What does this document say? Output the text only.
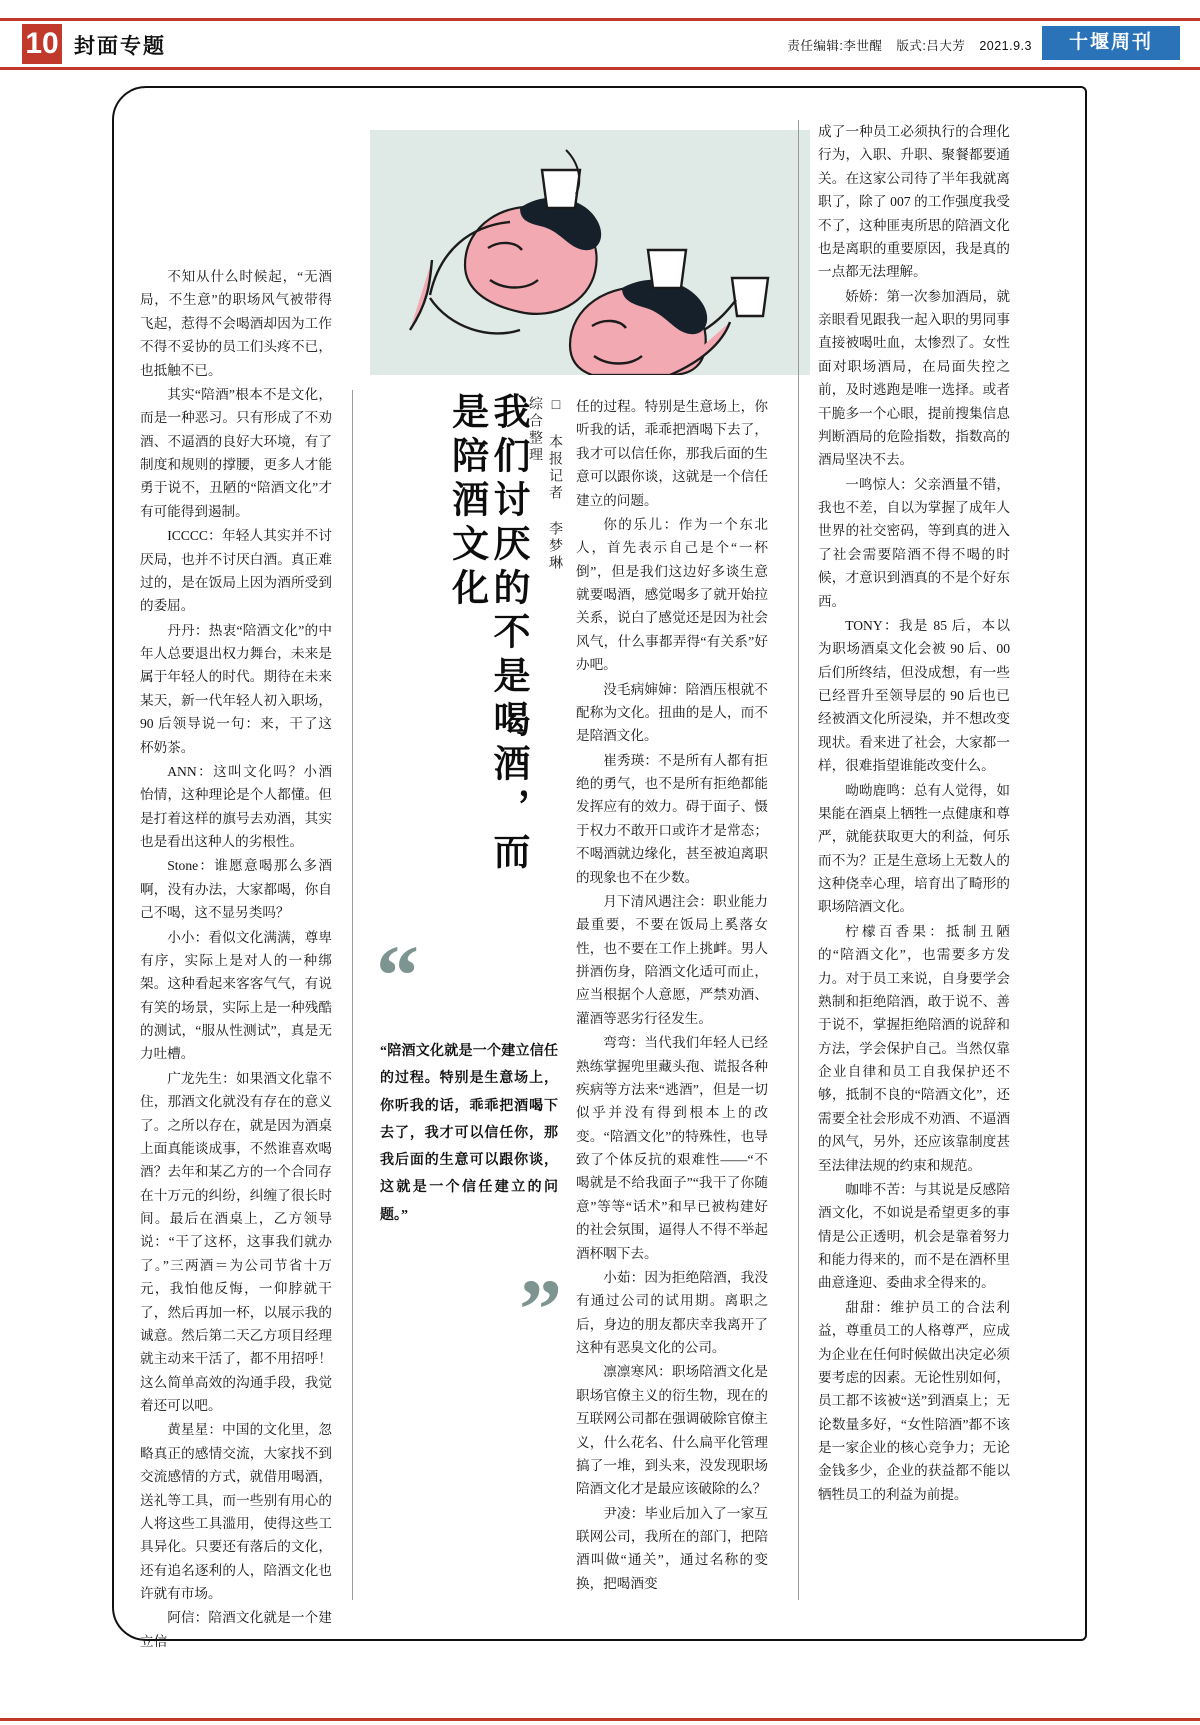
10 封面专题	责任编辑:李世醒 版式:吕大芳 2021.9.3	十堰周刊
□ 本报记者 李梦琳 综合整理
我们讨厌的不是喝酒，而是陪酒文化
“
“陪酒文化就是一个建立信任的过程。特别是生意场上，你听我的话，乖乖把酒喝下去了，我才可以信任你，那我后面的生意可以跟你谈，这就是一个信任建立的问题。”
”

不知从什么时候起，“无酒局，不生意”的职场风气被带得飞起，惹得不会喝酒却因为工作不得不妥协的员工们头疼不已，也抵触不已。

其实“陪酒”根本不是文化，而是一种恶习。只有形成了不劝酒、不逼酒的良好大环境，有了制度和规则的撑腰，更多人才能勇于说不，丑陋的“陪酒文化”才有可能得到遏制。

ICCCC：年轻人其实并不讨厌局，也并不讨厌白酒。真正难过的，是在饭局上因为酒所受到的委屈。

丹丹：热衷“陪酒文化”的中年人总要退出权力舞台，未来是属于年轻人的时代。期待在未来某天，新一代年轻人初入职场，90 后领导说一句：来，干了这杯奶茶。

ANN：这叫文化吗？小酒怡情，这种理论是个人都懂。但是打着这样的旗号去劝酒，其实也是看出这种人的劣根性。

Stone：谁愿意喝那么多酒啊，没有办法，大家都喝，你自己不喝，这不显另类吗？

小小：看似文化满满，尊卑有序，实际上是对人的一种绑架。这种看起来客客气气，有说有笑的场景，实际上是一种残酷的测试，“服从性测试”，真是无力吐槽。

广龙先生：如果酒文化靠不住，那酒文化就没有存在的意义了。之所以存在，就是因为酒桌上面真能谈成事，不然谁喜欢喝酒？去年和某乙方的一个合同存在十万元的纠纷，纠缠了很长时间。最后在酒桌上，乙方领导说：“干了这杯，这事我们就办了。”三两酒＝为公司节省十万元，我怕他反悔，一仰脖就干了，然后再加一杯，以展示我的诚意。然后第二天乙方项目经理就主动来干活了，都不用招呼！这么简单高效的沟通手段，我觉着还可以吧。

黄星星：中国的文化里，忽略真正的感情交流，大家找不到交流感情的方式，就借用喝酒，送礼等工具，而一些别有用心的人将这些工具滥用，使得这些工具异化。只要还有落后的文化，还有追名逐利的人，陪酒文化也许就有市场。

阿信：陪酒文化就是一个建立信

任的过程。特别是生意场上，你听我的话，乖乖把酒喝下去了，我才可以信任你，那我后面的生意可以跟你谈，这就是一个信任建立的问题。

你的乐儿：作为一个东北人，首先表示自己是个“一杯倒”，但是我们这边好多谈生意就要喝酒，感觉喝多了就开始拉关系，说白了感觉还是因为社会风气，什么事都弄得“有关系”好办吧。

没毛病婶婶：陪酒压根就不配称为文化。扭曲的是人，而不是陪酒文化。

崔秀瑛：不是所有人都有拒绝的勇气，也不是所有拒绝都能发挥应有的效力。碍于面子、慑于权力不敢开口或许才是常态；不喝酒就边缘化，甚至被迫离职的现象也不在少数。

月下清风遇注会：职业能力最重要，不要在饭局上奚落女性，也不要在工作上挑衅。男人拼酒伤身，陪酒文化适可而止，应当根据个人意愿，严禁劝酒、灌酒等恶劣行径发生。

弯弯：当代我们年轻人已经熟练掌握兜里藏头孢、谎报各种疾病等方法来“逃酒”，但是一切似乎并没有得到根本上的改变。“陪酒文化”的特殊性，也导致了个体反抗的艰难性——“不喝就是不给我面子”“我干了你随意”等等“话术”和早已被构建好的社会氛围，逼得人不得不举起酒杯咽下去。

小茹：因为拒绝陪酒，我没有通过公司的试用期。离职之后，身边的朋友都庆幸我离开了这种有恶臭文化的公司。

凛凛寒风：职场陪酒文化是职场官僚主义的衍生物，现在的互联网公司都在强调破除官僚主义，什么花名、什么扁平化管理搞了一堆，到头来，没发现职场陪酒文化才是最应该破除的么？

尹凌：毕业后加入了一家互联网公司，我所在的部门，把陪酒叫做“通关”，通过名称的变换，把喝酒变

成了一种员工必须执行的合理化行为，入职、升职、聚餐都要通关。在这家公司待了半年我就离职了，除了 007 的工作强度我受不了，这种匪夷所思的陪酒文化也是离职的重要原因，我是真的一点都无法理解。

娇娇：第一次参加酒局，就亲眼看见跟我一起入职的男同事直接被喝吐血，太惨烈了。女性面对职场酒局，在局面失控之前，及时逃跑是唯一选择。或者干脆多一个心眼，提前搜集信息判断酒局的危险指数，指数高的酒局坚决不去。

一鸣惊人：父亲酒量不错，我也不差，自以为掌握了成年人世界的社交密码，等到真的进入了社会需要陪酒不得不喝的时候，才意识到酒真的不是个好东西。

TONY：我是 85 后，本以为职场酒桌文化会被 90 后、00 后们所终结，但没成想，有一些已经晋升至领导层的 90 后也已经被酒文化所浸染，并不想改变现状。看来进了社会，大家都一样，很难指望谁能改变什么。

呦呦鹿鸣：总有人觉得，如果能在酒桌上牺牲一点健康和尊严，就能获取更大的利益，何乐而不为？正是生意场上无数人的这种侥幸心理，培育出了畸形的职场陪酒文化。

柠檬百香果：抵制丑陋的“陪酒文化”，也需要多方发力。对于员工来说，自身要学会熟制和拒绝陪酒，敢于说不、善于说不，掌握拒绝陪酒的说辞和方法，学会保护自己。当然仅靠企业自律和员工自我保护还不够，抵制不良的“陪酒文化”，还需要全社会形成不劝酒、不逼酒的风气，另外，还应该靠制度甚至法律法规的约束和规范。

咖啡不苦：与其说是反感陪酒文化，不如说是希望更多的事情是公正透明，机会是靠着努力和能力得来的，而不是在酒杯里曲意逢迎、委曲求全得来的。

甜甜：维护员工的合法利益，尊重员工的人格尊严，应成为企业在任何时候做出决定必须要考虑的因素。无论性别如何，员工都不该被“送”到酒桌上；无论数量多好，“女性陪酒”都不该是一家企业的核心竞争力；无论金钱多少，企业的获益都不能以牺牲员工的利益为前提。
